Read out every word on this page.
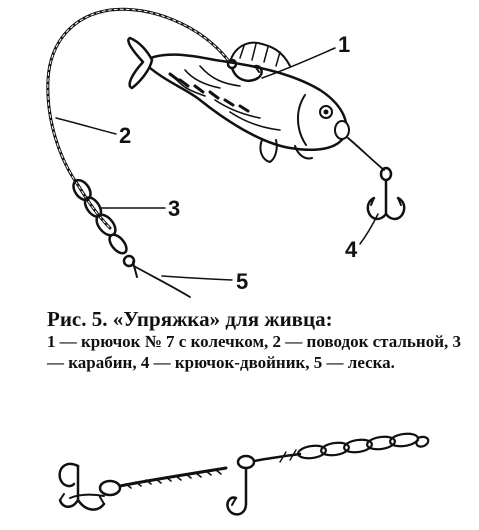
1
2
3
4
5

Рис. 5. «Упряжка» для живца:
1 — крючок № 7 с колечком, 2 — поводок стальной, 3 — карабин, 4 — крючок-двойник, 5 — леска.
